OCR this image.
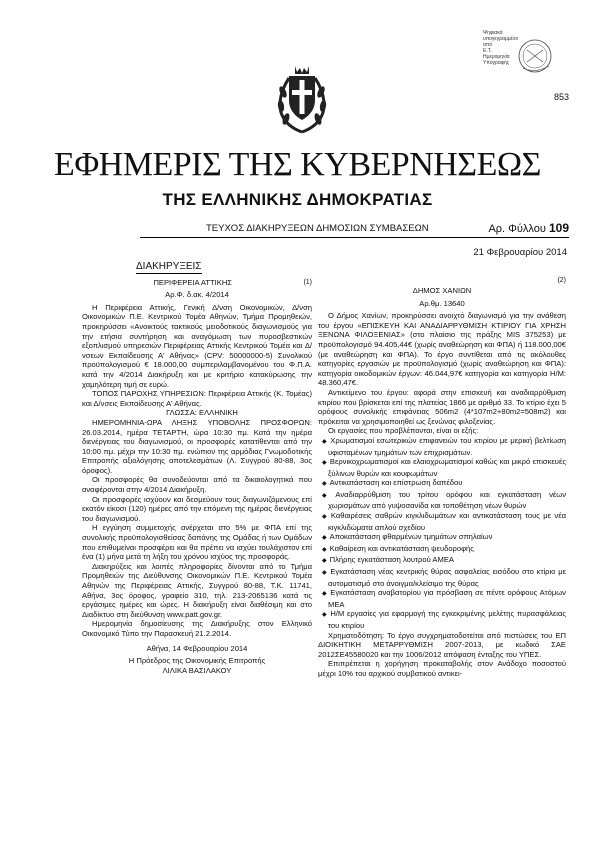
Ψηφιακά
υπογεγραμμένο
από
Ε.Τ.
Ημερομηνία
Υπογραφής
853
ΕΦΗΜΕΡΙΣ ΤΗΣ ΚΥΒΕΡΝΗΣΕΩΣ
ΤΗΣ ΕΛΛΗΝΙΚΗΣ ΔΗΜΟΚΡΑΤΙΑΣ
ΤΕΥΧΟΣ ΔΙΑΚΗΡΥΞΕΩΝ ΔΗΜΟΣΙΩΝ ΣΥΜΒΑΣΕΩΝ	Αρ. Φύλλου 109
21 Φεβρουαρίου 2014
ΔΙΑΚΗΡΥΞΕΙΣ
(1)
ΠΕΡΙΦΕΡΕΙΑ ΑΤΤΙΚΗΣ
Αρ.Φ. δ.ακ. 4/2014

Η Περιφέρεια Αττικής, Γενική Δ/νση Οικονομικών, Δ/νση Οικονομικών Π.Ε. Κεντρικού Τομέα Αθηνών, Τμήμα Προμηθειών, προκηρύσσει «Ανοικτούς τακτικούς μειοδοτικούς διαγωνισμούς για την ετήσια συντήρηση και αναγόμωση των πυροσβεστικών εξοπλισμού υπηρεσιών Περιφέρειας Αττικής Κεντρικού Τομέα και Δ/νσεων Εκπαίδευσης Α' Αθήνας» (CPV: 50000000-5) Συνολικού προϋπολογισμού € 18.000,00 συμπεριλαμβανομένου του Φ.Π.Α. κατά την 4/2014 Διακήρυξη και με κριτήριο κατακύρωσης την χαμηλότερη τιμή σε ευρώ.

ΤΟΠΟΣ ΠΑΡΟΧΗΣ ΥΠΗΡΕΣΙΩΝ: Περιφέρεια Αττικής (Κ. Τομέας) και Δ/νσεις Εκπαίδευσης Α' Αθήνας.

ΓΛΩΣΣΑ: ΕΛΛΗΝΙΚΗ

ΗΜΕΡΟΜΗΝΙΑ-ΩΡΑ ΛΗΞΗΣ ΥΠΟΒΟΛΗΣ ΠΡΟΣΦΟΡΩΝ: 26.03.2014, ημέρα ΤΕΤΑΡΤΗ, ώρα 10:30 πμ. Κατά την ημέρα διενέργειας του διαγωνισμού, οι προσφορές κατατίθενται από την 10:00 πμ. μέχρι την 10:30 πμ. ενώπιον της αρμόδιας Γνωμοδοτικής Επιτροπής αξιολόγησης αποτελεσμάτων (Λ. Συγγρού 80-88, 3ος όροφος).

Οι προσφορές θα συνοδεύονται από τα δικαιολογητικά που αναφέρονται στην 4/2014 Διακήρυξη.

Οι προσφορές ισχύουν και δεσμεύουν τους διαγωνιζόμενους επί εκατόν είκοσι (120) ημέρες από την επόμενη της ημέρας διενέργειας του διαγωνισμού.

Η εγγύηση συμμετοχής ανέρχεται στο 5% με ΦΠΑ επί της συνολικής προϋπολογισθείσας δαπάνης της Ομάδας ή των Ομάδων που επιθυμείναι προσφέρει και θα πρέπει να ισχύει τουλάχιστον επί ένα (1) μήνα μετά τη λήξη του χρόνου ισχύος της προσφοράς.

Διακηρύξεις και λοιπές πληροφορίες δίνονται από το Τμήμα Προμηθειών της Διεύθυνσης Οικονομικών Π.Ε. Κεντρικού Τομέα Αθηνών της Περιφέρειας Αττικής, Συγγρού 80-88, Τ.Κ. 11741, Αθήνα, 3ος όροφος, γραφείο 310, τηλ. 213-2065136 κατά τις εργάσιμες ημέρες και ώρες. Η διακήρυξη είναι διαθέσιμη και στο Διαδίκτυο στη διεύθυνση www.patt.gov.gr.

Ημερομηνία δημοσίευσης της Διακήρυξης στον Ελληνικό Οικονομικό Τύπο την Παρασκευή 21.2.2014.

Αθήνα, 14 Φεβρουαρίου 2014
Η Πρόεδρος της Οικονομικής Επιτροπής
ΛΙΛΙΚΑ ΒΑΣΙΛΑΚΟΥ
(2)
ΔΗΜΟΣ ΧΑΝΙΩΝ
Αρ.θμ. 13640

Ο Δήμος Χανίων, προκηρύσσει ανοιχτό διαγωνισμό για την ανάθεση του έργου «ΕΠΙΣΚΕΥΗ ΚΑΙ ΑΝΑΔΙΑΡΡΥΘΜΙΣΗ ΚΤΙΡΙΟΥ ΓΙΑ ΧΡΗΣΗ ΞΕΝΩΝΑ ΦΙΛΟΞΕΝΙΑΣ» (στο πλαίσιο της πράξης MIS 375253) με προϋπολογισμό 94.405,44€ (χωρίς αναθεώρηση και ΦΠΑ) ή 118.000,00€ (με αναθεώρηση και ΦΠΑ). Το έργο συντίθεται από τις ακόλουθες κατηγορίες εργασιών με προϋπολογισμό (χωρίς αναθεώρηση και ΦΠΑ): κατηγορία οικοδομικών έργων: 46.044,97€ κατηγορία και κατηγορία Η/Μ: 48.360,47€.

Αντικείμενο του έργου: αφορά στην επισκευή και αναδιαρρύθμιση κτιρίου που βρίσκεται επί της πλατείας 1866 με αριθμό 33. Το κτίριο έχει 5 ορόφους συνολικής επιφάνειας 506m2 (4*107m2+80m2=508m2) και πρόκειται να χρησιμοποιηθεί ως ξενώνας φιλοξενίας.

Οι εργασίες που προβλέπονται, είναι οι εξής:

◆ Χρωματισμοί εσωτερικών επιφανειών του κτιρίου με μερική βελτίωση υφισταμένων τμημάτων των επιχρισμάτων.
◆ Βερνικοχρωματισμοί και ελαιοχρωματισμοί καθώς και μικρό επισκευές ξύλινων θυρών και κουφωμάτων
◆ Αντικατάσταση και επίστρωση δαπέδου
◆ Αναδιαρρύθμιση του τρίτου ορόφου και εγκατάσταση νέων χωρισμάτων από γυψοσανίδα και τοποθέτηση νέων θυρών
◆ Καθαιρέσεις σαθρών κιγκλιδωμάτων και αντικατάσταση τους με νέα κιγκλιδώματα απλού σχεδίου
◆ Αποκατάσταση φθαρμένων τμημάτων σπηλαίων
◆ Καθαίρεση και αντικατάσταση ψευδοροφής
◆ Πλήρης εγκατάσταση λουτρού ΑΜΕΑ
◆ Εγκατάσταση νέας κεντρικής θύρας ασφαλείας εισόδου στο κτίριο με αυτοματισμό στο άνοιγμα/κλείσιμο της θύρας
◆ Εγκατάσταση αναβατορίου για πρόσβαση σε πέντε ορόφους Ατόμων ΜΕΑ
◆ Η/Μ εργασίες για εφαρμογή της εγκεκριμένης μελέτης πυρασφάλειας του κτιρίου

Χρηματοδότηση: Το έργο συγχρηματοδοτείται από πιστώσεις του ΕΠ ΔΙΟΙΚΗΤΙΚΗ ΜΕΤΑΡΡΥΘΜΙΣΗ 2007-2013, με κωδικό ΣΑΕ 2012ΣΕ45580020 και την 1006/2012 απόφαση ένταξης του ΥΠΕΣ.

Επιπρέπεται η χορήγηση προκαταβολής στον Ανάδοχο ποσοστού μέχρι 10% του αρχικού συμβατικού αντικει-
